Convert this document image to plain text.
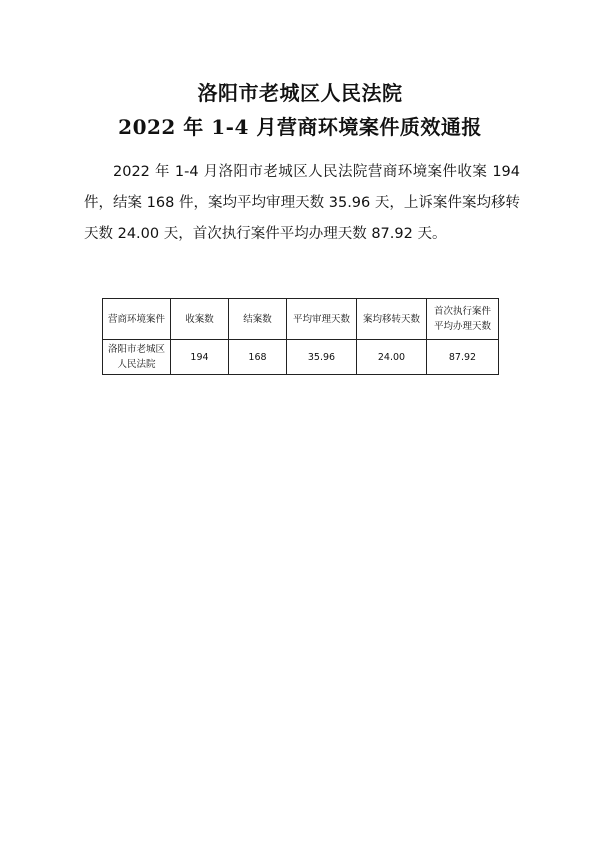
洛阳市老城区人民法院
2022 年 1-4 月营商环境案件质效通报

2022 年 1-4 月洛阳市老城区人民法院营商环境案件收案 194 件，结案 168 件，案均平均审理天数 35.96 天，上诉案件案均移转天数 24.00 天，首次执行案件平均办理天数 87.92 天。

营商环境案件	收案数	结案数	平均审理天数	案均移转天数	首次执行案件平均办理天数
洛阳市老城区人民法院	194	168	35.96	24.00	87.92
